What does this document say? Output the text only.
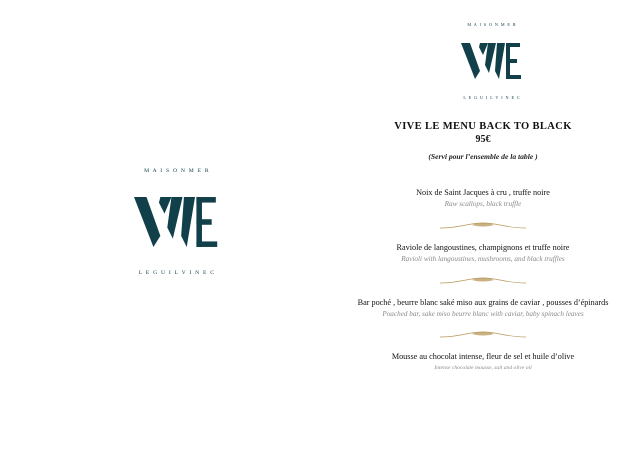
M A I S O N M E R
L E G U I L V I N E C
M A I S O N M E R
L E G U I L V I N E C
VIVE LE MENU BACK TO BLACK
95€
(Servi pour l’ensemble de la table )
Noix de Saint Jacques à cru , truffe noire
Raw scallops, black truffle
Raviole de langoustines, champignons et truffe noire
Ravioli with langoustines, mushrooms, and black truffles
Bar poché , beurre blanc saké miso aux grains de caviar , pousses d’épinards
Poached bar, sake miso beurre blanc with caviar, baby spinach leaves
Mousse au chocolat intense, fleur de sel et huile d’olive
Intense chocolate mousse, salt and olive oil
